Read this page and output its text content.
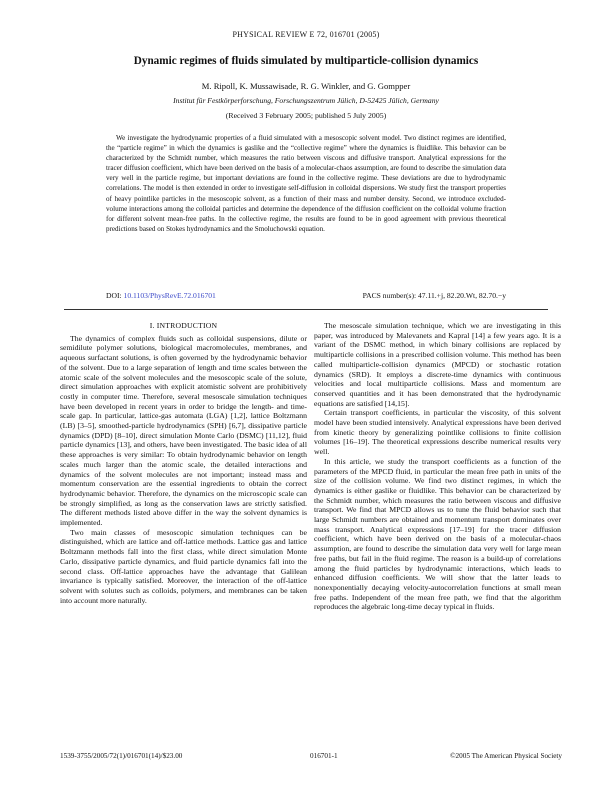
PHYSICAL REVIEW E 72, 016701 (2005)
Dynamic regimes of fluids simulated by multiparticle-collision dynamics
M. Ripoll, K. Mussawisade, R. G. Winkler, and G. Gompper
Institut für Festkörperforschung, Forschungszentrum Jülich, D-52425 Jülich, Germany
(Received 3 February 2005; published 5 July 2005)

We investigate the hydrodynamic properties of a fluid simulated with a mesoscopic solvent model. Two distinct regimes are identified, the “particle regime” in which the dynamics is gaslike and the “collective regime” where the dynamics is fluidlike. This behavior can be characterized by the Schmidt number, which measures the ratio between viscous and diffusive transport. Analytical expressions for the tracer diffusion coefficient, which have been derived on the basis of a molecular-chaos assumption, are found to describe the simulation data very well in the particle regime, but important deviations are found in the collective regime. These deviations are due to hydrodynamic correlations. The model is then extended in order to investigate self-diffusion in colloidal dispersions. We study first the transport properties of heavy pointlike particles in the mesoscopic solvent, as a function of their mass and number density. Second, we introduce excluded-volume interactions among the colloidal particles and determine the dependence of the diffusion coefficient on the colloidal volume fraction for different solvent mean-free paths. In the collective regime, the results are found to be in good agreement with previous theoretical predictions based on Stokes hydrodynamics and the Smoluchowski equation.

DOI: 10.1103/PhysRevE.72.016701	PACS number(s): 47.11.+j, 82.20.Wt, 82.70.−y
I. INTRODUCTION

The dynamics of complex fluids such as colloidal suspensions, dilute or semidilute polymer solutions, biological macromolecules, membranes, and aqueous surfactant solutions, is often governed by the hydrodynamic behavior of the solvent. Due to a large separation of length and time scales between the atomic scale of the solvent molecules and the mesoscopic scale of the solute, direct simulation approaches with explicit atomistic solvent are prohibitively costly in computer time. Therefore, several mesoscale simulation techniques have been developed in recent years in order to bridge the length- and time-scale gap. In particular, lattice-gas automata (LGA) [1,2], lattice Boltzmann (LB) [3–5], smoothed-particle hydrodynamics (SPH) [6,7], dissipative particle dynamics (DPD) [8–10], direct simulation Monte Carlo (DSMC) [11,12], fluid particle dynamics [13], and others, have been investigated. The basic idea of all these approaches is very similar: To obtain hydrodynamic behavior on length scales much larger than the atomic scale, the detailed interactions and dynamics of the solvent molecules are not important; instead mass and momentum conservation are the essential ingredients to obtain the correct hydrodynamic behavior. Therefore, the dynamics on the microscopic scale can be strongly simplified, as long as the conservation laws are strictly satisfied. The different methods listed above differ in the way the solvent dynamics is implemented.

Two main classes of mesoscopic simulation techniques can be distinguished, which are lattice and off-lattice methods. Lattice gas and lattice Boltzmann methods fall into the first class, while direct simulation Monte Carlo, dissipative particle dynamics, and fluid particle dynamics fall into the second class. Off-lattice approaches have the advantage that Galilean invariance is typically satisfied. Moreover, the interaction of the off-lattice solvent with solutes such as colloids, polymers, and membranes can be taken into account more naturally.

The mesoscale simulation technique, which we are investigating in this paper, was introduced by Malevanets and Kapral [14] a few years ago. It is a variant of the DSMC method, in which binary collisions are replaced by multiparticle collisions in a prescribed collision volume. This method has been called multiparticle-collision dynamics (MPCD) or stochastic rotation dynamics (SRD). It employs a discrete-time dynamics with continuous velocities and local multiparticle collisions. Mass and momentum are conserved quantities and it has been demonstrated that the hydrodynamic equations are satisfied [14,15].

Certain transport coefficients, in particular the viscosity, of this solvent model have been studied intensively. Analytical expressions have been derived from kinetic theory by generalizing pointlike collisions to finite collision volumes [16–19]. The theoretical expressions describe numerical results very well.

In this article, we study the transport coefficients as a function of the parameters of the MPCD fluid, in particular the mean free path in units of the size of the collision volume. We find two distinct regimes, in which the dynamics is either gaslike or fluidlike. This behavior can be characterized by the Schmidt number, which measures the ratio between viscous and diffusive transport. We find that MPCD allows us to tune the fluid behavior such that large Schmidt numbers are obtained and momentum transport dominates over mass transport. Analytical expressions [17–19] for the tracer diffusion coefficient, which have been derived on the basis of a molecular-chaos assumption, are found to describe the simulation data very well for large mean free paths, but fail in the fluid regime. The reason is a build-up of correlations among the fluid particles by hydrodynamic interactions, which leads to enhanced diffusion coefficients. We will show that the latter leads to nonexponentially decaying velocity-autocorrelation functions at small mean free paths. Independent of the mean free path, we find that the algorithm reproduces the algebraic long-time decay typical in fluids.

1539-3755/2005/72(1)/016701(14)/$23.00	016701-1	©2005 The American Physical Society
